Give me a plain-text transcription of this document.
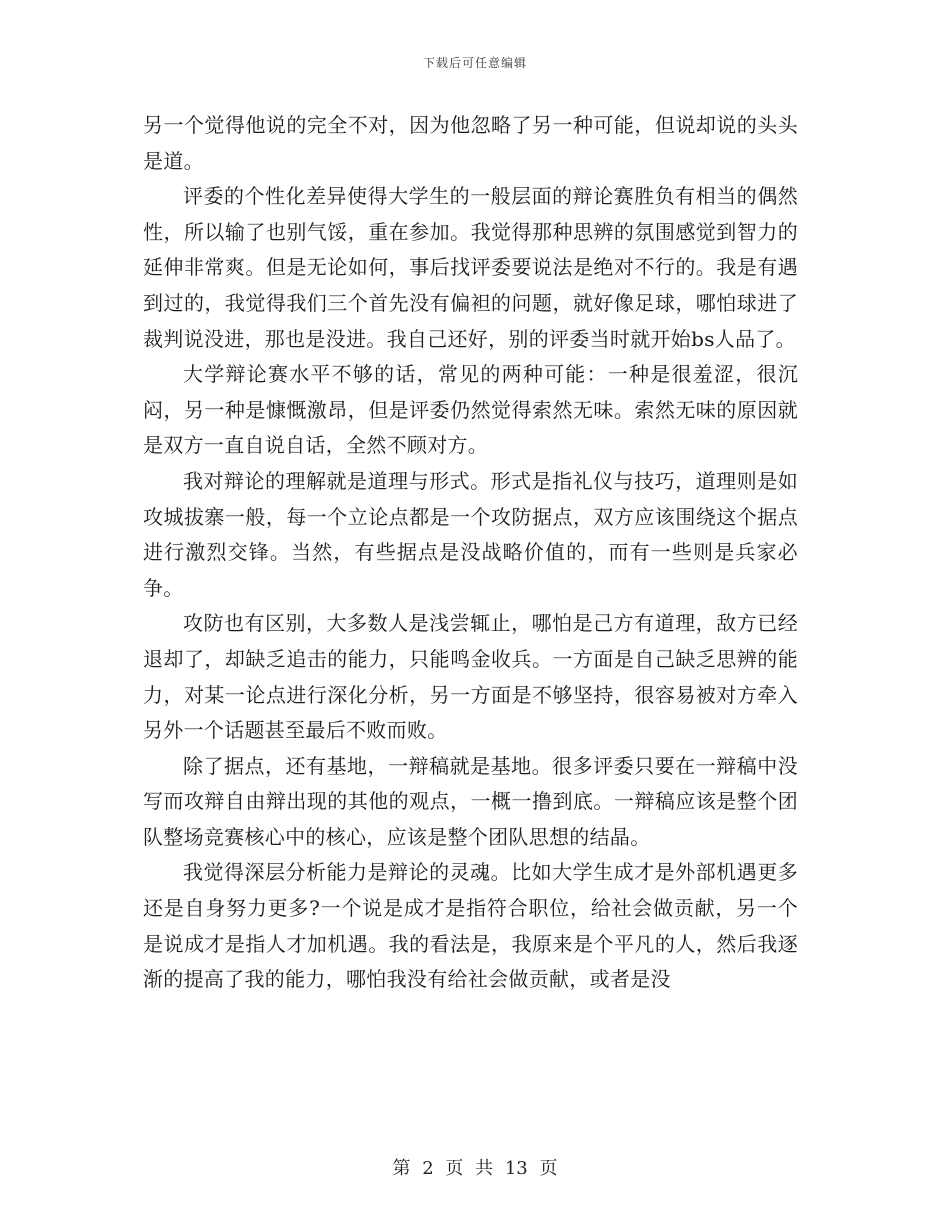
下载后可任意编辑

另一个觉得他说的完全不对，因为他忽略了另一种可能，但说却说的头头是道。

评委的个性化差异使得大学生的一般层面的辩论赛胜负有相当的偶然性，所以输了也别气馁，重在参加。我觉得那种思辨的氛围感觉到智力的延伸非常爽。但是无论如何，事后找评委要说法是绝对不行的。我是有遇到过的，我觉得我们三个首先没有偏袒的问题，就好像足球，哪怕球进了裁判说没进，那也是没进。我自己还好，别的评委当时就开始bs人品了。

大学辩论赛水平不够的话，常见的两种可能：一种是很羞涩，很沉闷，另一种是慷慨激昂，但是评委仍然觉得索然无味。索然无味的原因就是双方一直自说自话，全然不顾对方。

我对辩论的理解就是道理与形式。形式是指礼仪与技巧，道理则是如攻城拔寨一般，每一个立论点都是一个攻防据点，双方应该围绕这个据点进行激烈交锋。当然，有些据点是没战略价值的，而有一些则是兵家必争。

攻防也有区别，大多数人是浅尝辄止，哪怕是己方有道理，敌方已经退却了，却缺乏追击的能力，只能鸣金收兵。一方面是自己缺乏思辨的能力，对某一论点进行深化分析，另一方面是不够坚持，很容易被对方牵入另外一个话题甚至最后不败而败。

除了据点，还有基地，一辩稿就是基地。很多评委只要在一辩稿中没写而攻辩自由辩出现的其他的观点，一概一撸到底。一辩稿应该是整个团队整场竞赛核心中的核心，应该是整个团队思想的结晶。

我觉得深层分析能力是辩论的灵魂。比如大学生成才是外部机遇更多还是自身努力更多?一个说是成才是指符合职位，给社会做贡献，另一个是说成才是指人才加机遇。我的看法是，我原来是个平凡的人，然后我逐渐的提高了我的能力，哪怕我没有给社会做贡献，或者是没

第 2 页 共 13 页
